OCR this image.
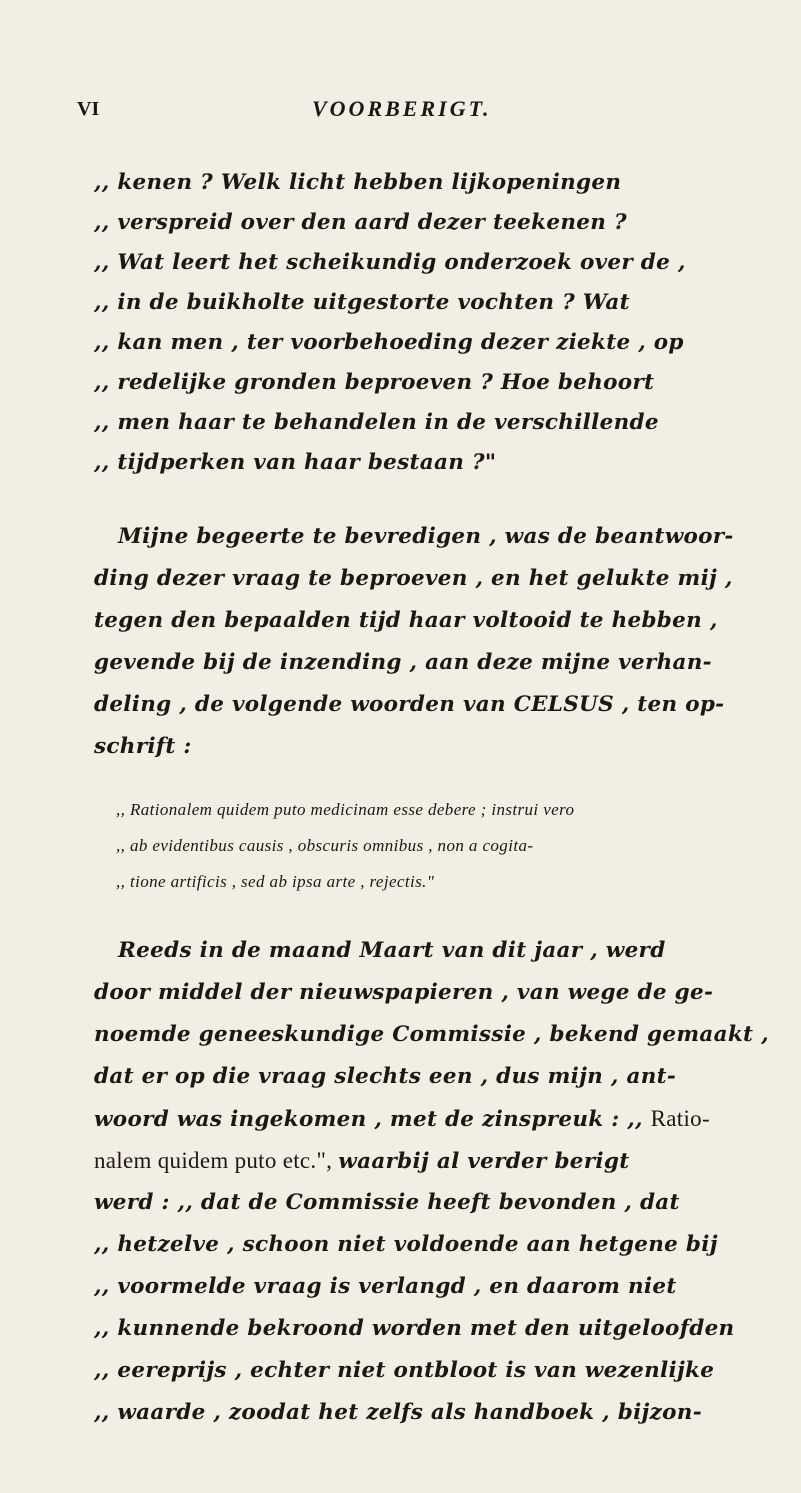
VI	VOORBERIGT.
,, kenen ? Welk licht hebben lijkopeningen
,, verspreid over den aard dezer teekenen ?
,, Wat leert het scheikundig onderzoek over de ,
,, in de buikholte uitgestorte vochten ? Wat
,, kan men , ter voorbehoeding dezer ziekte , op
,, redelijke gronden beproeven ? Hoe behoort
,, men haar te behandelen in de verschillende
,, tijdperken van haar bestaan ?"
Mijne begeerte te bevredigen , was de beantwoor-
ding dezer vraag te beproeven , en het gelukte mij ,
tegen den bepaalden tijd haar voltooid te hebben ,
gevende bij de inzending , aan deze mijne verhan-
deling , de volgende woorden van CELSUS , ten op-
schrift :
,, Rationalem quidem puto medicinam esse debere ; instrui vero
,, ab evidentibus causis , obscuris omnibus , non a cogita-
,, tione artificis , sed ab ipsa arte , rejectis."
Reeds in de maand Maart van dit jaar , werd
door middel der nieuwspapieren , van wege de ge-
noemde geneeskundige Commissie , bekend gemaakt ,
dat er op die vraag slechts een , dus mijn , ant-
woord was ingekomen , met de zinspreuk : ,, Ratio-
nalem quidem puto etc.", waarbij al verder berigt
werd : ,, dat de Commissie heeft bevonden , dat
,, hetzelve , schoon niet voldoende aan hetgene bij
,, voormelde vraag is verlangd , en daarom niet
,, kunnende bekroond worden met den uitgeloofden
,, eereprijs , echter niet ontbloot is van wezenlijke
,, waarde , zoodat het zelfs als handboek , bijzon-
